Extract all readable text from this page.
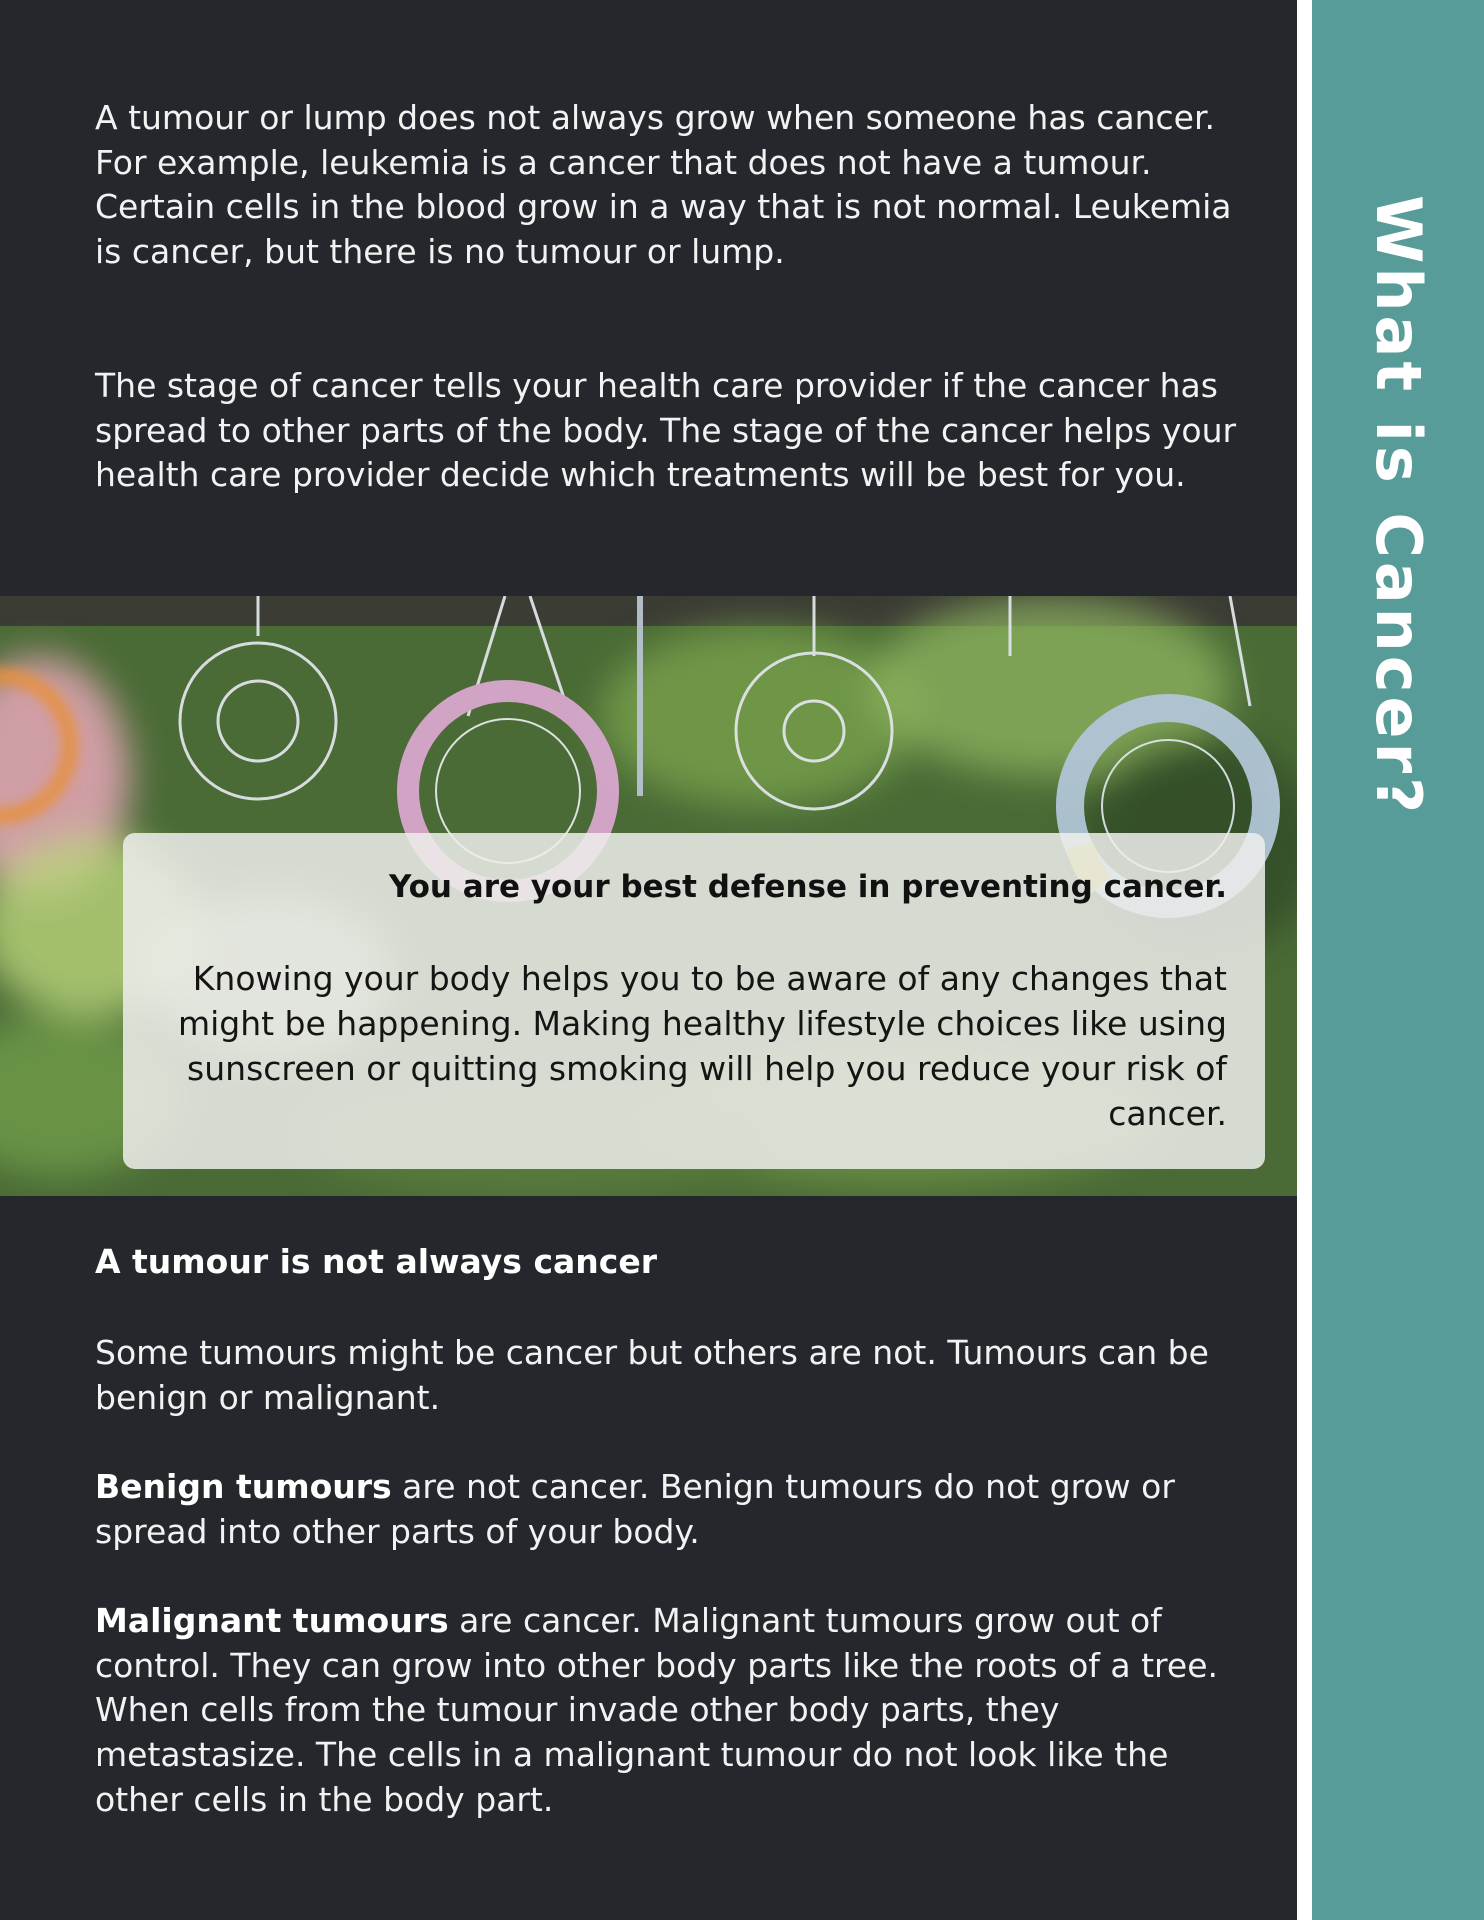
What is Cancer?

A tumour or lump does not always grow when someone has cancer. For example, leukemia is a cancer that does not have a tumour. Certain cells in the blood grow in a way that is not normal. Leukemia is cancer, but there is no tumour or lump.

The stage of cancer tells your health care provider if the cancer has spread to other parts of the body. The stage of the cancer helps your health care provider decide which treatments will be best for you.

You are your best defense in preventing cancer.

Knowing your body helps you to be aware of any changes that might be happening. Making healthy lifestyle choices like using sunscreen or quitting smoking will help you reduce your risk of cancer.

A tumour is not always cancer

Some tumours might be cancer but others are not. Tumours can be benign or malignant.

Benign tumours are not cancer. Benign tumours do not grow or spread into other parts of your body.

Malignant tumours are cancer. Malignant tumours grow out of control. They can grow into other body parts like the roots of a tree. When cells from the tumour invade other body parts, they metastasize. The cells in a malignant tumour do not look like the other cells in the body part.
